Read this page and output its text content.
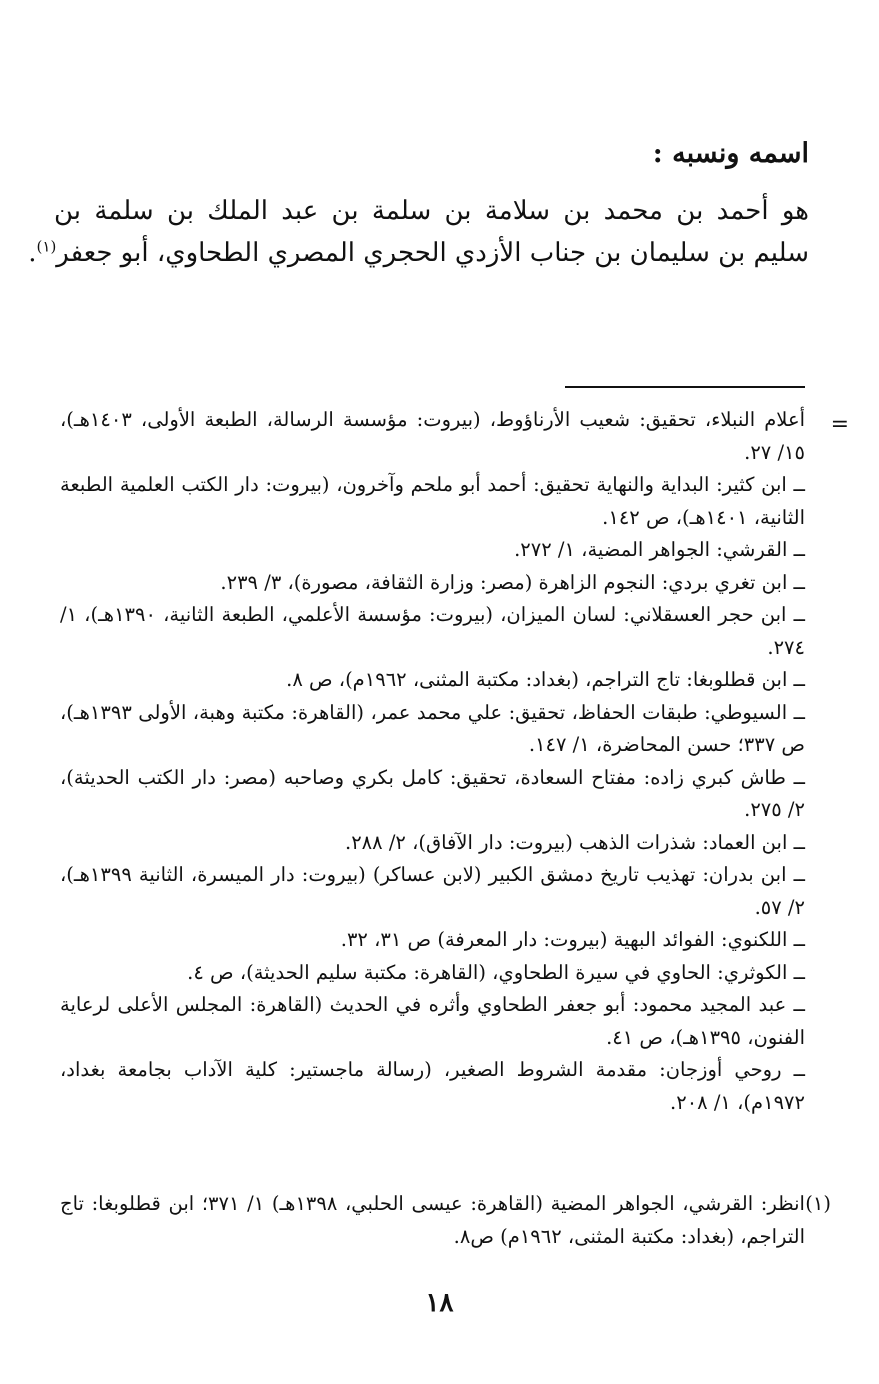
اسمه ونسبه :
هو أحمد بن محمد بن سلامة بن سلمة بن عبد الملك بن سلمة بن
سليم بن سليمان بن جناب الأزدي الحجري المصري الطحاوي، أبو جعفر$^{(١)}$.
=

أعلام النبلاء، تحقيق: شعيب الأرناؤوط، (بيروت: مؤسسة الرسالة، الطبعة الأولى، ١٤٠٣هـ)، ١٥/ ٢٧.

ــ ابن كثير: البداية والنهاية تحقيق: أحمد أبو ملحم وآخرون، (بيروت: دار الكتب العلمية الطبعة الثانية، ١٤٠١هـ)، ص ١٤٢.

ــ القرشي: الجواهر المضية، ١/ ٢٧٢.

ــ ابن تغري بردي: النجوم الزاهرة (مصر: وزارة الثقافة، مصورة)، ٣/ ٢٣٩.

ــ ابن حجر العسقلاني: لسان الميزان، (بيروت: مؤسسة الأعلمي، الطبعة الثانية، ١٣٩٠هـ)، ١/ ٢٧٤.

ــ ابن قطلوبغا: تاج التراجم، (بغداد: مكتبة المثنى، ١٩٦٢م)، ص ٨.

ــ السيوطي: طبقات الحفاظ، تحقيق: علي محمد عمر، (القاهرة: مكتبة وهبة، الأولى ١٣٩٣هـ)، ص ٣٣٧؛ حسن المحاضرة، ١/ ١٤٧.

ــ طاش كبري زاده: مفتاح السعادة، تحقيق: كامل بكري وصاحبه (مصر: دار الكتب الحديثة)، ٢/ ٢٧٥.

ــ ابن العماد: شذرات الذهب (بيروت: دار الآفاق)، ٢/ ٢٨٨.

ــ ابن بدران: تهذيب تاريخ دمشق الكبير (لابن عساكر) (بيروت: دار الميسرة، الثانية ١٣٩٩هـ)، ٢/ ٥٧.

ــ اللكنوي: الفوائد البهية (بيروت: دار المعرفة) ص ٣١، ٣٢.

ــ الكوثري: الحاوي في سيرة الطحاوي، (القاهرة: مكتبة سليم الحديثة)، ص ٤.

ــ عبد المجيد محمود: أبو جعفر الطحاوي وأثره في الحديث (القاهرة: المجلس الأعلى لرعاية الفنون، ١٣٩٥هـ)، ص ٤١.

ــ روحي أوزجان: مقدمة الشروط الصغير، (رسالة ماجستير: كلية الآداب بجامعة بغداد، ١٩٧٢م)، ١/ ٢٠٨.

(١)
انظر: القرشي، الجواهر المضية (القاهرة: عيسى الحلبي، ١٣٩٨هـ) ١/ ٣٧١؛ ابن قطلوبغا: تاج التراجم، (بغداد: مكتبة المثنى، ١٩٦٢م) ص٨.
١٨
